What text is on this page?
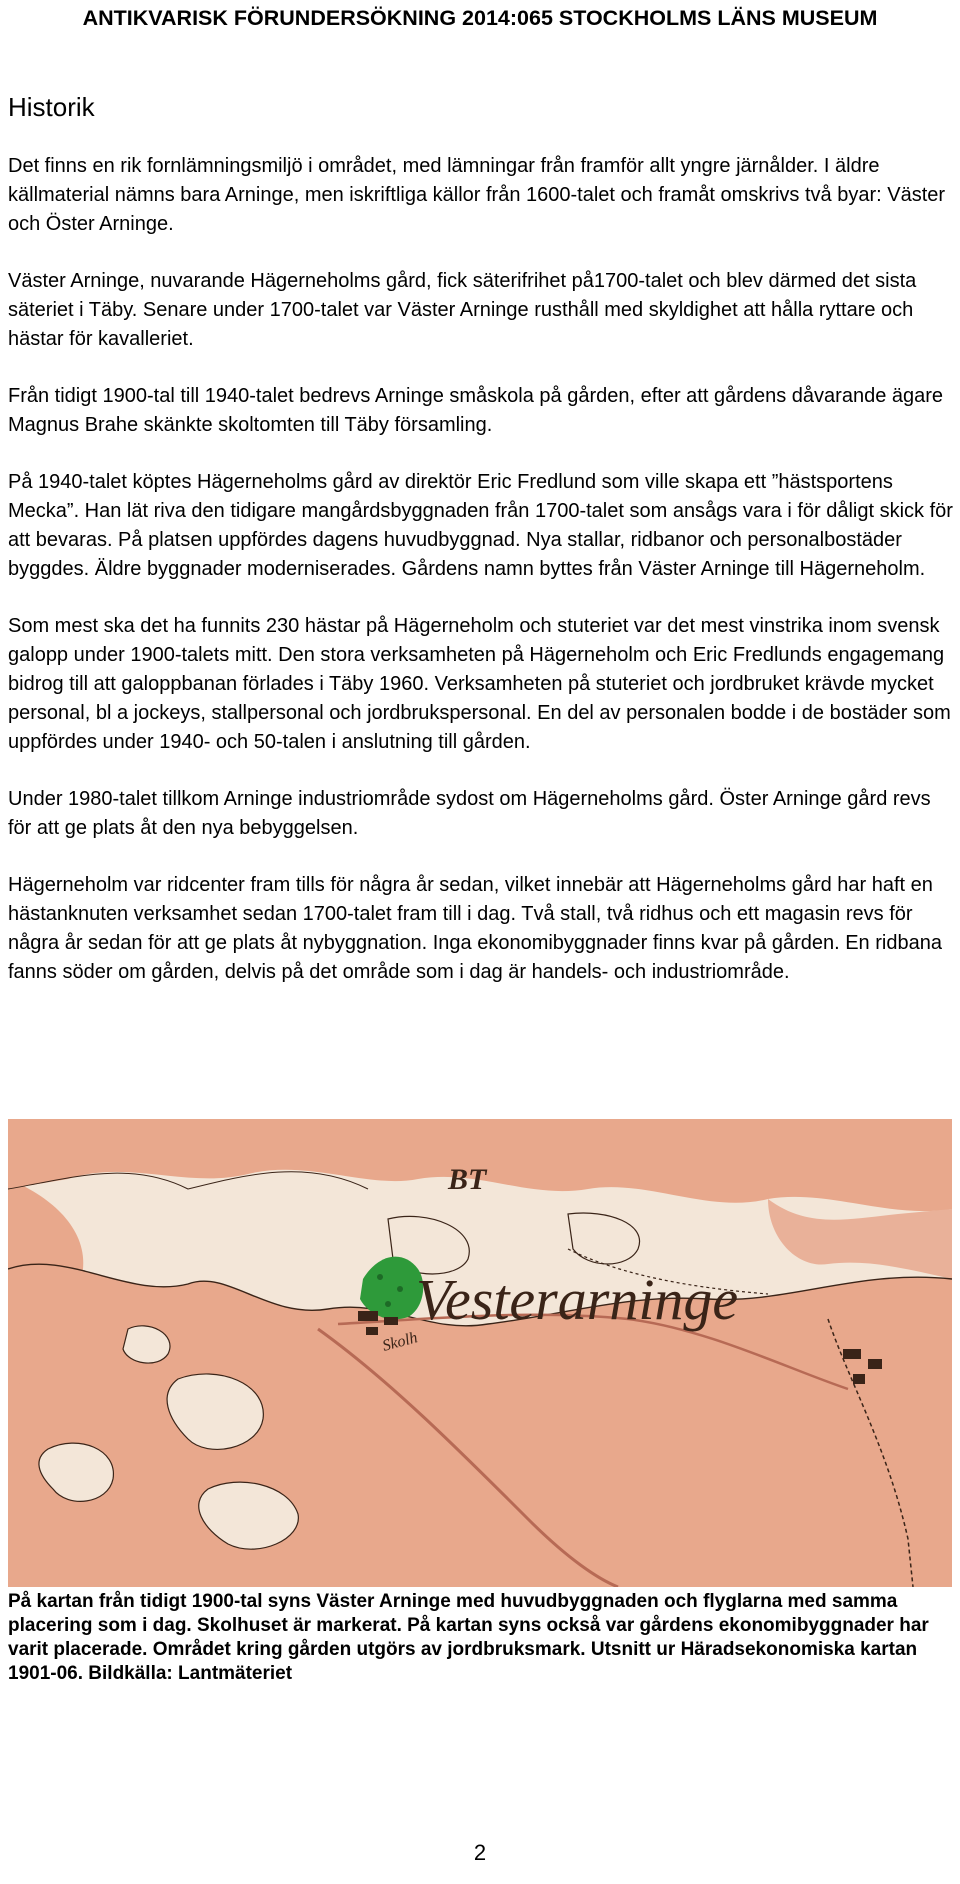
ANTIKVARISK FÖRUNDERSÖKNING 2014:065 STOCKHOLMS LÄNS MUSEUM
Historik

Det finns en rik fornlämningsmiljö i området, med lämningar från framför allt yngre järnålder. I äldre källmaterial nämns bara Arninge, men iskriftliga källor från 1600-talet och framåt omskrivs två byar: Väster och Öster Arninge.

Väster Arninge, nuvarande Hägerneholms gård, fick säterifrihet på1700-talet och blev därmed det sista säteriet i Täby. Senare under 1700-talet var Väster Arninge rusthåll med skyldighet att hålla ryttare och hästar för kavalleriet.

Från tidigt 1900-tal till 1940-talet bedrevs Arninge småskola på gården, efter att gårdens dåvarande ägare Magnus Brahe skänkte skoltomten till Täby församling.

På 1940-talet köptes Hägerneholms gård av direktör Eric Fredlund som ville skapa ett ”hästsportens Mecka”. Han lät riva den tidigare mangårdsbyggnaden från 1700-talet som ansågs vara i för dåligt skick för att bevaras. På platsen uppfördes dagens huvudbyggnad. Nya stallar, ridbanor och personalbostäder byggdes. Äldre byggnader moderniserades. Gårdens namn byttes från Väster Arninge till Hägerneholm.

Som mest ska det ha funnits 230 hästar på Hägerneholm och stuteriet var det mest vinstrika inom svensk galopp under 1900-talets mitt. Den stora verksamheten på Hägerneholm och Eric Fredlunds engagemang bidrog till att galoppbanan förlades i Täby 1960. Verksamheten på stuteriet och jordbruket krävde mycket personal, bl a jockeys, stallpersonal och jordbrukspersonal. En del av personalen bodde i de bostäder som uppfördes under 1940- och 50-talen i anslutning till gården.

Under 1980-talet tillkom Arninge industriområde sydost om Hägerneholms gård. Öster Arninge gård revs för att ge plats åt den nya bebyggelsen.

Hägerneholm var ridcenter fram tills för några år sedan, vilket innebär att Hägerneholms gård har haft en hästanknuten verksamhet sedan 1700-talet fram till i dag. Två stall, två ridhus och ett magasin revs för några år sedan för att ge plats åt nybyggnation. Inga ekonomibyggnader finns kvar på gården. En ridbana fanns söder om gården, delvis på det område som i dag är handels- och industriområde.

BT
Vesterarninge
Skolh
På kartan från tidigt 1900-tal syns Väster Arninge med huvudbyggnaden och flyglarna med samma placering som i dag. Skolhuset är markerat. På kartan syns också var gårdens ekonomibyggnader har varit placerade. Området kring gården utgörs av jordbruksmark. Utsnitt ur Häradsekonomiska kartan 1901-06. Bildkälla: Lantmäteriet
2
